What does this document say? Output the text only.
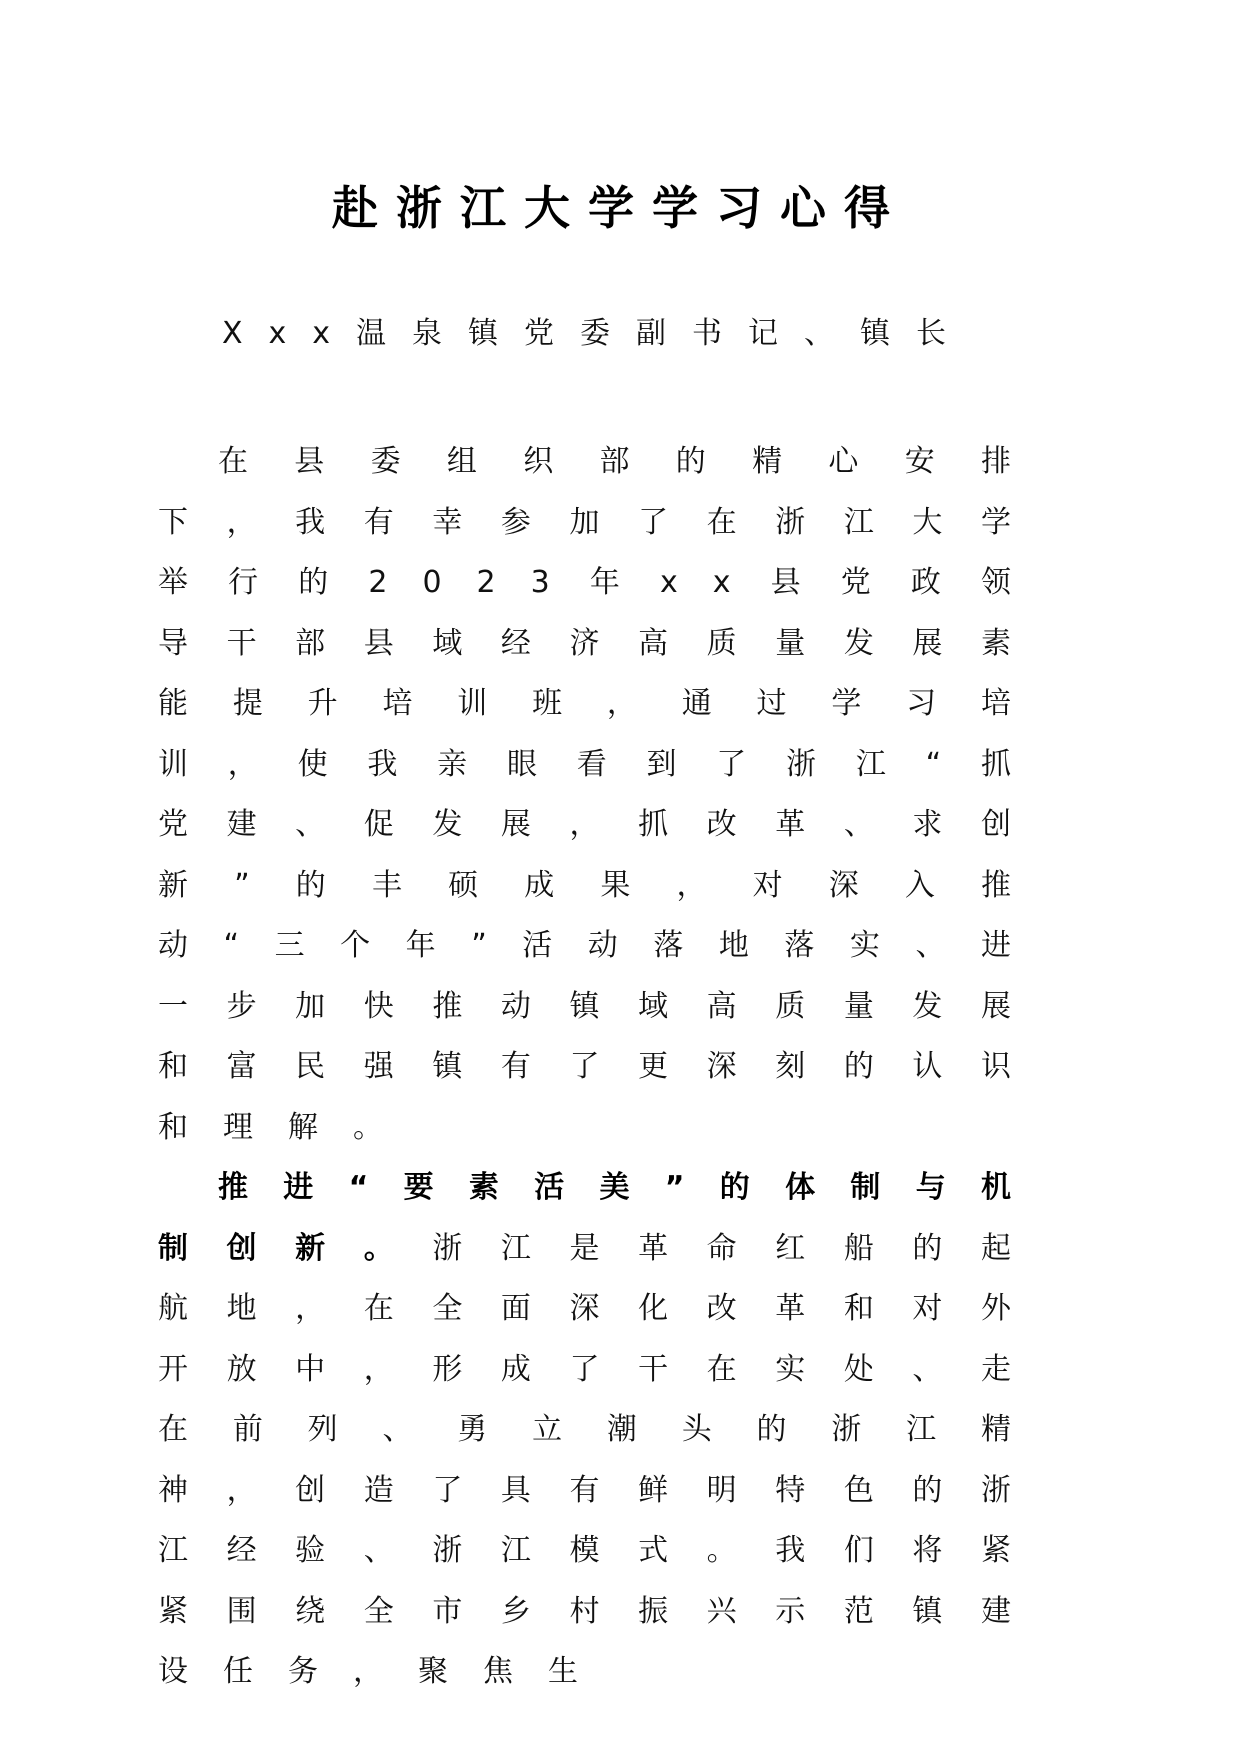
赴浙江大学学习心得
Xxx温泉镇党委副书记、镇长

在县委组织部的精心安排下，我有幸参加了在浙江大学举行的2023年xx县党政领导干部县域经济高质量发展素能提升培训班，通过学习培训，使我亲眼看到了浙江“抓党建、促发展，抓改革、求创新”的丰硕成果，对深入推动“三个年”活动落地落实、进一步加快推动镇域高质量发展和富民强镇有了更深刻的认识和理解。

推进“要素活美”的体制与机制创新。浙江是革命红船的起航地，在全面深化改革和对外开放中，形成了干在实处、走在前列、勇立潮头的浙江精神，创造了具有鲜明特色的浙江经验、浙江模式。我们将紧紧围绕全市乡村振兴示范镇建设任务，聚焦生
